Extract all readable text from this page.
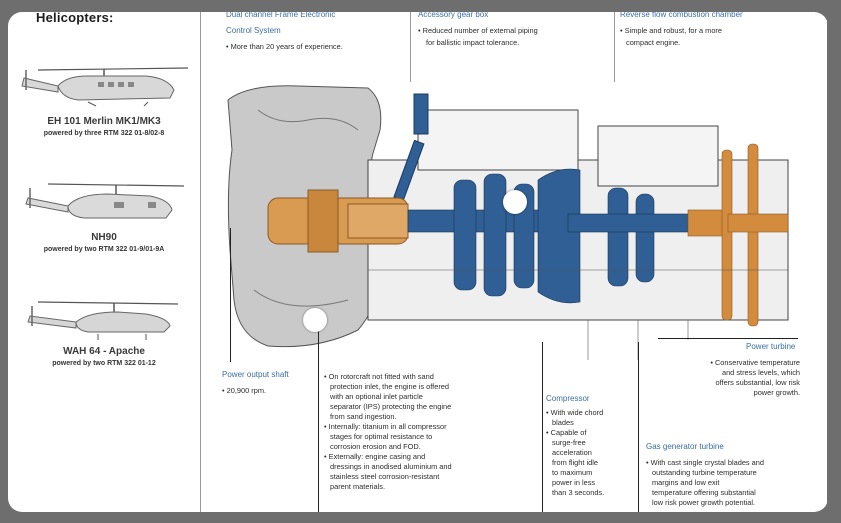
Helicopters:
EH 101 Merlin MK1/MK3
powered by three RTM 322 01-8/02-8
NH90
powered by two RTM 322 01-9/01-9A
WAH 64 - Apache
powered by two RTM 322 01-12
Dual channel Frame Electronic
Control System
• More than 20 years of experience.
Accessory gear box
• Reduced number of external piping
for ballistic impact tolerance.
Reverse flow combustion chamber
• Simple and robust, for a more
compact engine.
Power output shaft
• 20,900 rpm.
• On rotorcraft not fitted with sand
protection inlet, the engine is offered
with an optional inlet particle
separator (IPS) protecting the engine
from sand ingestion.
• Internally: titanium in all compressor
stages for optimal resistance to
corrosion erosion and FOD.
• Externally: engine casing and
dressings in anodised aluminium and
stainless steel corrosion-resistant
parent materials.
Compressor
• With wide chord
blades
• Capable of
surge-free
acceleration
from flight idle
to maximum
power in less
than 3 seconds.
Power turbine
• Conservative temperature
and stress levels, which
offers substantial, low risk
power growth.
Gas generator turbine
• With cast single crystal blades and
outstanding turbine temperature
margins and low exit
temperature offering substantial
low risk power growth potential.
